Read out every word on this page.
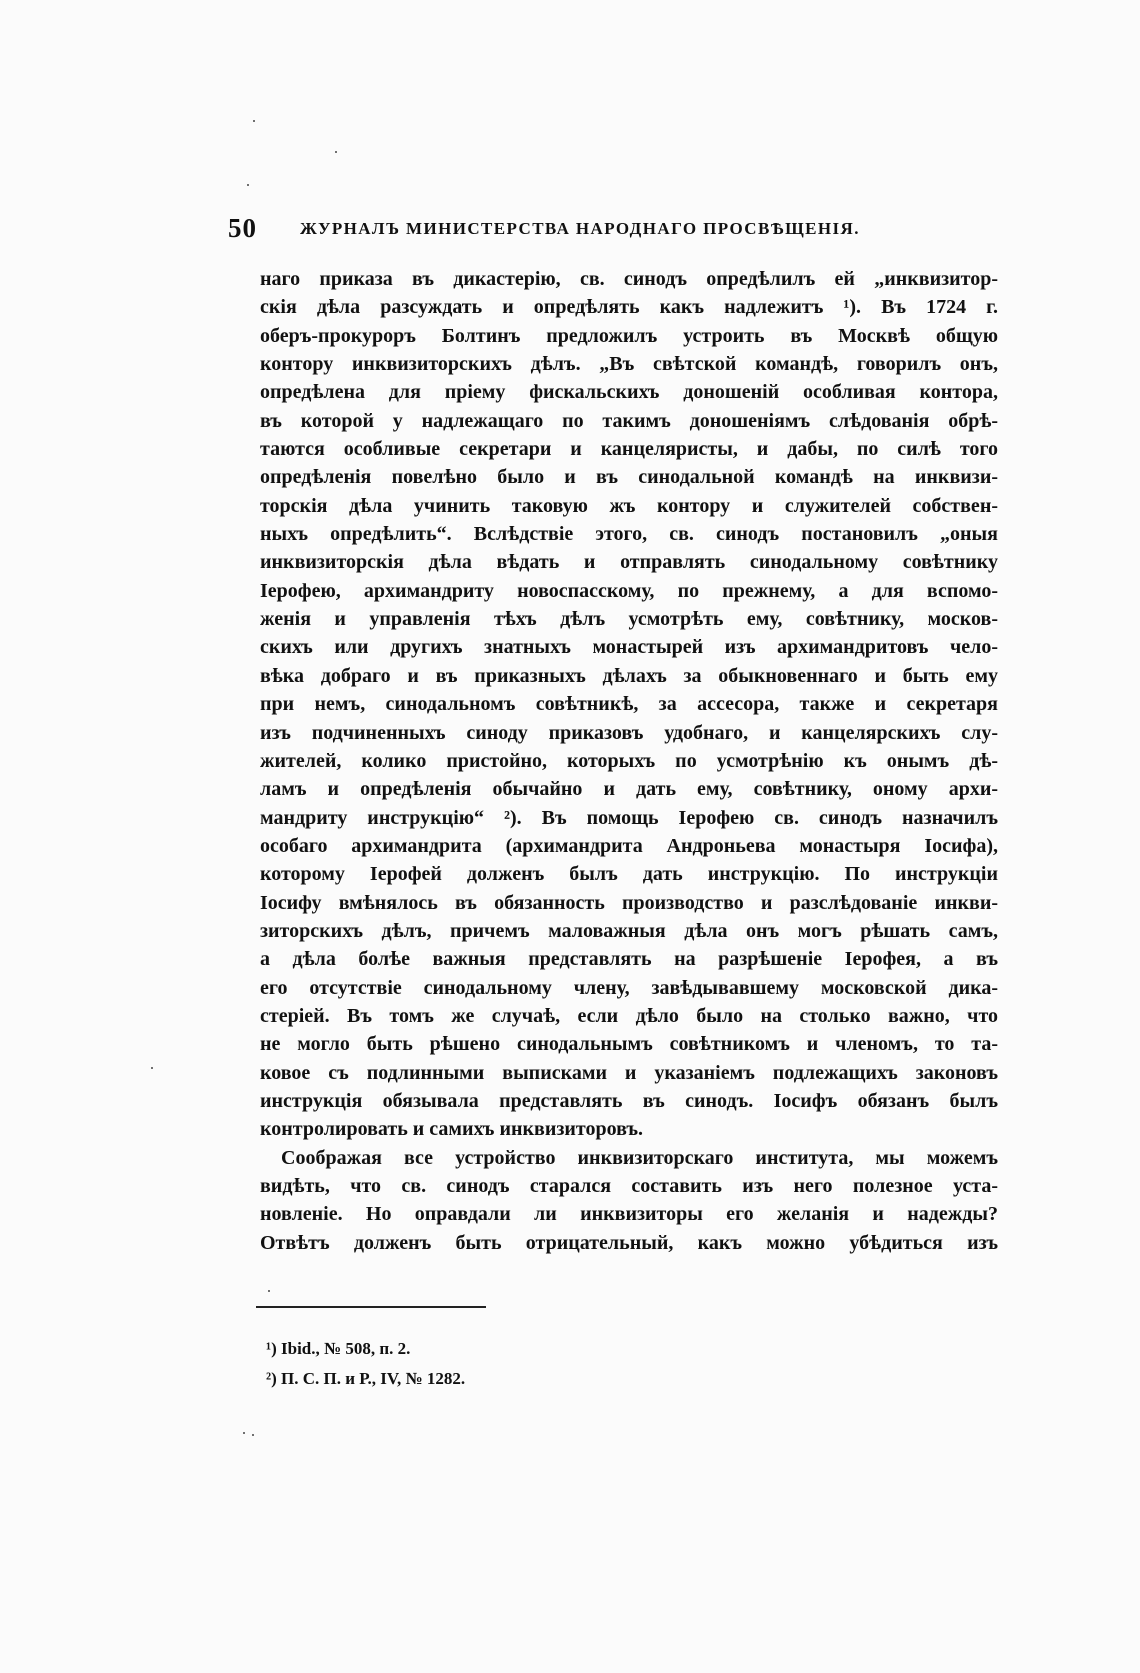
50	ЖУРНАЛЪ МИНИСТЕРСТВА НАРОДНАГО ПРОСВѢЩЕНІЯ.
наго приказа въ дикастерію, св. синодъ опредѣлилъ ей „инквизитор-
скія дѣла разсуждать и опредѣлять какъ надлежитъ ¹). Въ 1724 г.
оберъ-прокуроръ Болтинъ предложилъ устроить въ Москвѣ общую
контору инквизиторскихъ дѣлъ. „Въ свѣтской командѣ, говорилъ онъ,
опредѣлена для пріему фискальскихъ доношеній особливая контора,
въ которой у надлежащаго по такимъ доношеніямъ слѣдованія обрѣ-
таются особливые секретари и канцеляристы, и дабы, по силѣ того
опредѣленія повелѣно было и въ синодальной командѣ на инквизи-
торскія дѣла учинить таковую жъ контору и служителей собствен-
ныхъ опредѣлить“. Вслѣдствіе этого, св. синодъ постановилъ „оныя
инквизиторскія дѣла вѣдать и отправлять синодальному совѣтнику
Іерофею, архимандриту новоспасскому, по прежнему, а для вспомо-
женія и управленія тѣхъ дѣлъ усмотрѣть ему, совѣтнику, москов-
скихъ или другихъ знатныхъ монастырей изъ архимандритовъ чело-
вѣка добраго и въ приказныхъ дѣлахъ за обыкновеннаго и быть ему
при немъ, синодальномъ совѣтникѣ, за ассесора, также и секретаря
изъ подчиненныхъ синоду приказовъ удобнаго, и канцелярскихъ слу-
жителей, колико пристойно, которыхъ по усмотрѣнію къ онымъ дѣ-
ламъ и опредѣленія обычайно и дать ему, совѣтнику, оному архи-
мандриту инструкцію“ ²). Въ помощь Іерофею св. синодъ назначилъ
особаго архимандрита (архимандрита Андроньева монастыря Іосифа),
которому Іерофей долженъ былъ дать инструкцію. По инструкціи
Іосифу вмѣнялось въ обязанность производство и разслѣдованіе инкви-
зиторскихъ дѣлъ, причемъ маловажныя дѣла онъ могъ рѣшать самъ,
а дѣла болѣе важныя представлять на разрѣшеніе Іерофея, а въ
его отсутствіе синодальному члену, завѣдывавшему московской дика-
стеріей. Въ томъ же случаѣ, если дѣло было на столько важно, что
не могло быть рѣшено синодальнымъ совѣтникомъ и членомъ, то та-
ковое съ подлинными выписками и указаніемъ подлежащихъ законовъ
инструкція обязывала представлять въ синодъ. Іосифъ обязанъ былъ
контролировать и самихъ инквизиторовъ.
Соображая все устройство инквизиторскаго института, мы можемъ
видѣть, что св. синодъ старался составить изъ него полезное уста-
новленіе. Но оправдали ли инквизиторы его желанія и надежды?
Отвѣтъ долженъ быть отрицательный, какъ можно убѣдиться изъ
¹) Ibid., № 508, п. 2.
²) П. С. П. и Р., IV, № 1282.
